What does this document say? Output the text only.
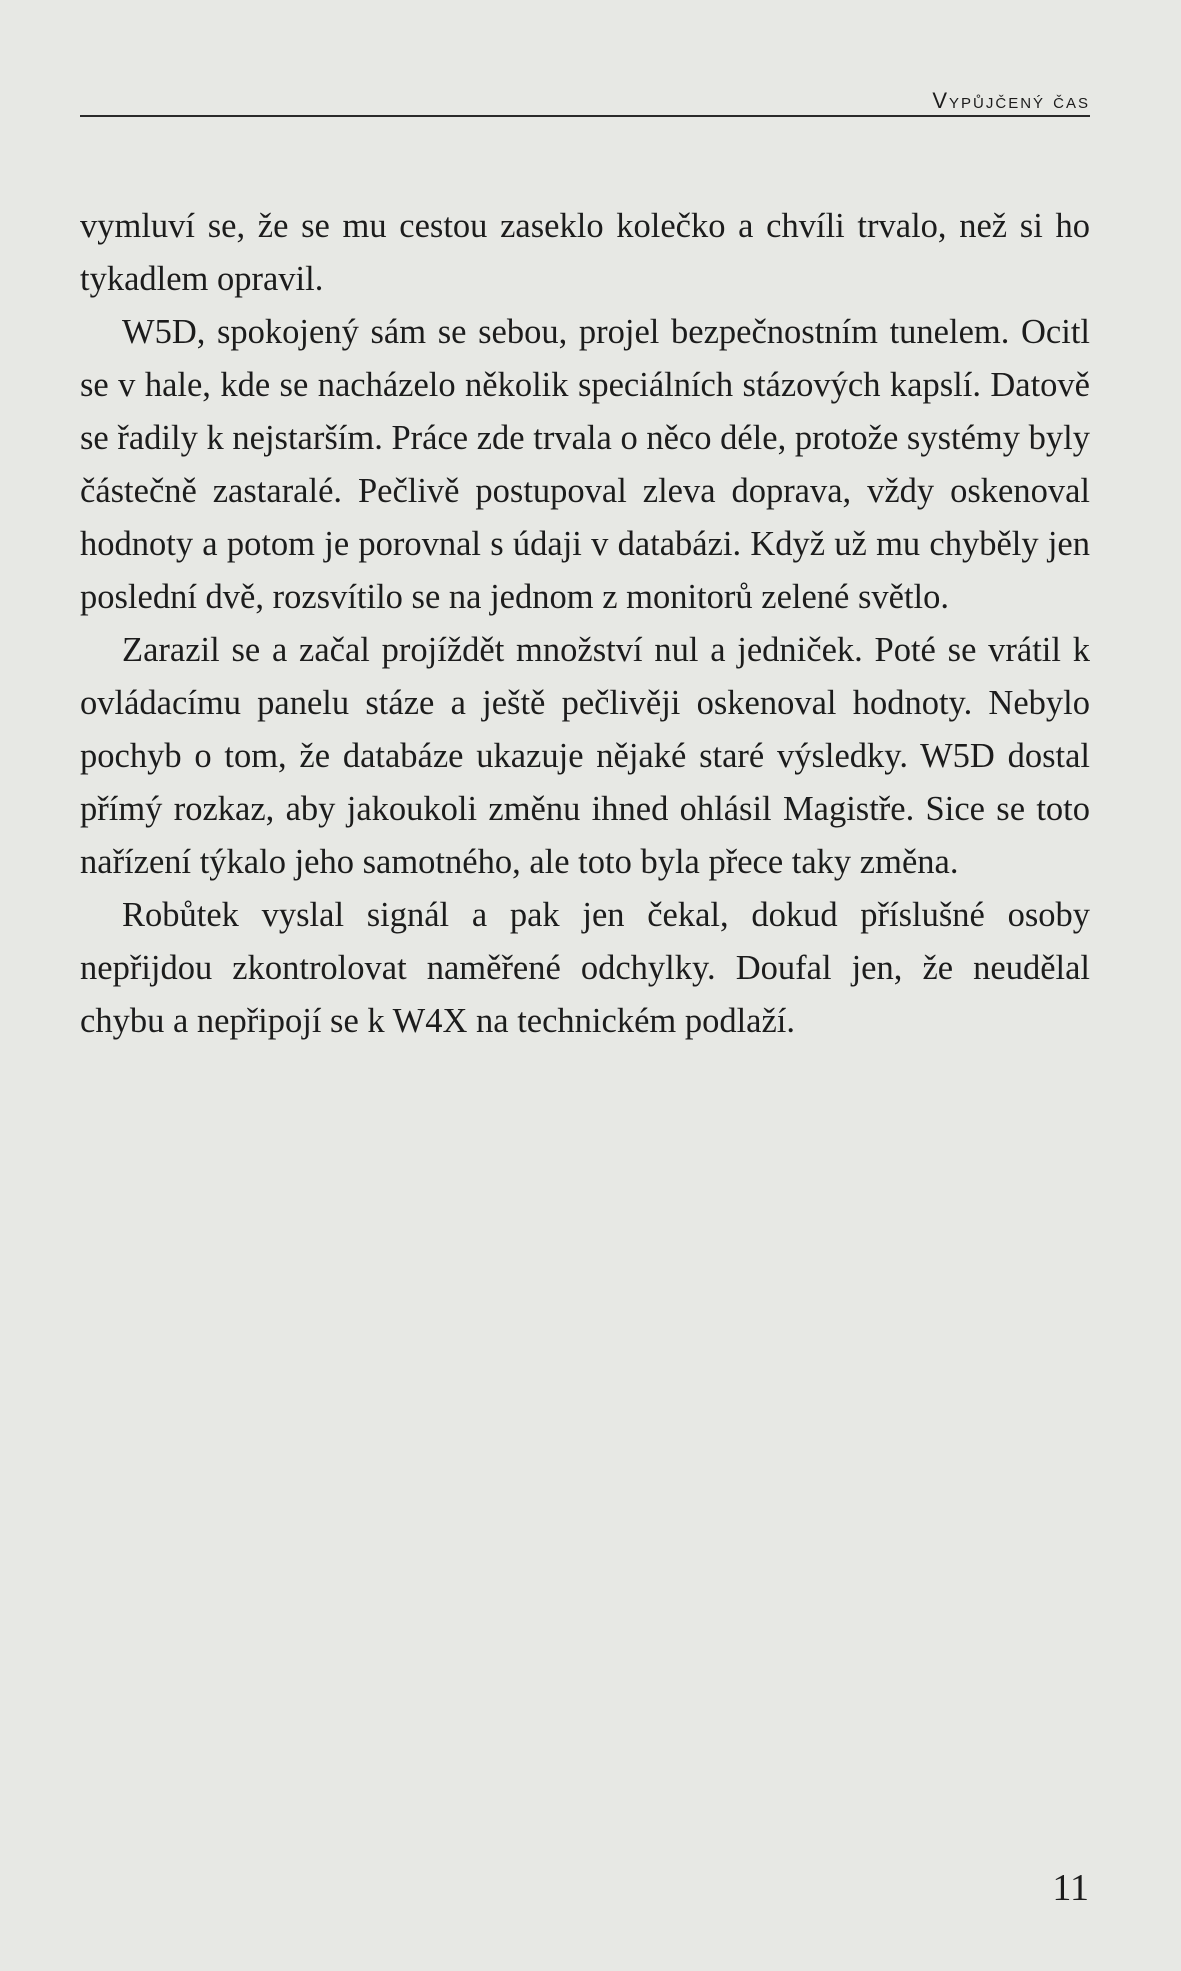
Vypůjčený čas

vymluví se, že se mu cestou zaseklo kolečko a chvíli trvalo, než si ho tykadlem opravil.

W5D, spokojený sám se sebou, projel bezpečnostním tunelem. Ocitl se v hale, kde se nacházelo několik speciálních stázových kapslí. Datově se řadily k nejstarším. Práce zde trvala o něco déle, protože systémy byly částečně zastaralé. Pečlivě postupoval zleva doprava, vždy oskenoval hodnoty a potom je porovnal s údaji v databázi. Když už mu chyběly jen poslední dvě, rozsvítilo se na jednom z monitorů zelené světlo.

Zarazil se a začal projíždět množství nul a jedniček. Poté se vrátil k ovládacímu panelu stáze a ještě pečlivěji oskenoval hodnoty. Nebylo pochyb o tom, že databáze ukazuje nějaké staré výsledky. W5D dostal přímý rozkaz, aby jakoukoli změnu ihned ohlásil Magistře. Sice se toto nařízení týkalo jeho samotného, ale toto byla přece taky změna.

Robůtek vyslal signál a pak jen čekal, dokud příslušné osoby nepřijdou zkontrolovat naměřené odchylky. Doufal jen, že neudělal chybu a nepřipojí se k W4X na technickém podlaží.

11
